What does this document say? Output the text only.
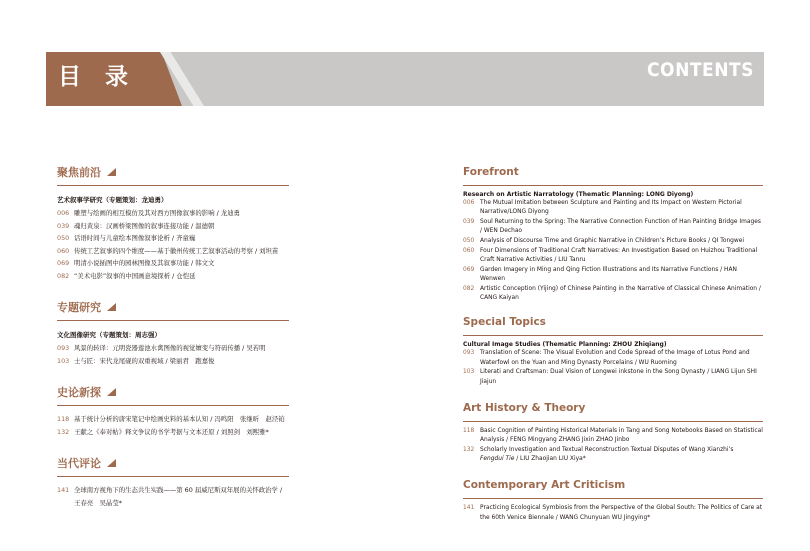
目 录	CONTENTS
聚焦前沿
艺术叙事学研究（专题策划：龙迪勇）
006 雕塑与绘画的相互模仿及其对西方图像叙事的影响 / 龙迪勇
039 魂归黄泉：汉画桥梁图像的叙事连接功能 / 温德朝
050 话语时间与儿童绘本图像叙事论析 / 齐童巍
060 传统工艺叙事的四个维度——基于徽州传统工艺叙事活动的考察 / 刘坦苗
069 明清小说插图中的园林图像及其叙事功能 / 韩文文
082 “美术电影”叙事的中国画意境探析 / 仓恺延
专题研究
文化图像研究（专题策划：周志强）
093 风景的转译：元明瓷器莲池水禽图像的视觉嬗变与符码传播 / 吴若明
103 士与匠：宋代龙尾砚的双重视域 / 梁丽君　跑嘉俊
史论新探
118 基于统计分析的唐宋笔记中绘画史料的基本认知 / 冯鸣阳　张继昕　赵泾铂
132 王献之《奉对帖》释文争议的书学考据与文本还原 / 刘照剑　刘熙雅*
当代评论
141 全球南方视角下的生态共生实践——第 60 届威尼斯双年展的关怀政治学 / 王春亮　吴晶莹*
Forefront
Research on Artistic Narratology (Thematic Planning: LONG Diyong)
006 The Mutual Imitation between Sculpture and Painting and Its Impact on Western Pictorial Narrative/LONG Diyong
039 Soul Returning to the Spring: The Narrative Connection Function of Han Painting Bridge Images / WEN Dechao
050 Analysis of Discourse Time and Graphic Narrative in Children’s Picture Books / QI Tongwei
060 Four Dimensions of Traditional Craft Narratives: An Investigation Based on Huizhou Traditional Craft Narrative Activities / LIU Tanru
069 Garden Imagery in Ming and Qing Fiction Illustrations and Its Narrative Functions / HAN Wenwen
082 Artistic Conception (Yijing) of Chinese Painting in the Narrative of Classical Chinese Animation / CANG Kaiyan
Special Topics
Cultural Image Studies (Thematic Planning: ZHOU Zhiqiang)
093 Translation of Scene: The Visual Evolution and Code Spread of the Image of Lotus Pond and Waterfowl on the Yuan and Ming Dynasty Porcelains / WU Ruoming
103 Literati and Craftsman: Dual Vision of Longwei inkstone in the Song Dynasty / LIANG Lijun SHI Jiajun
Art History & Theory
118 Basic Cognition of Painting Historical Materials in Tang and Song Notebooks Based on Statistical Analysis / FENG Mingyang ZHANG Jixin ZHAO Jinbo
132 Scholarly Investigation and Textual Reconstruction Textual Disputes of Wang Xianzhi’s
Fengdui Tie / LIU Zhaojian LIU Xiya*
Contemporary Art Criticism
141 Practicing Ecological Symbiosis from the Perspective of the Global South: The Politics of Care at the 60th Venice Biennale / WANG Chunyuan WU Jingying*
